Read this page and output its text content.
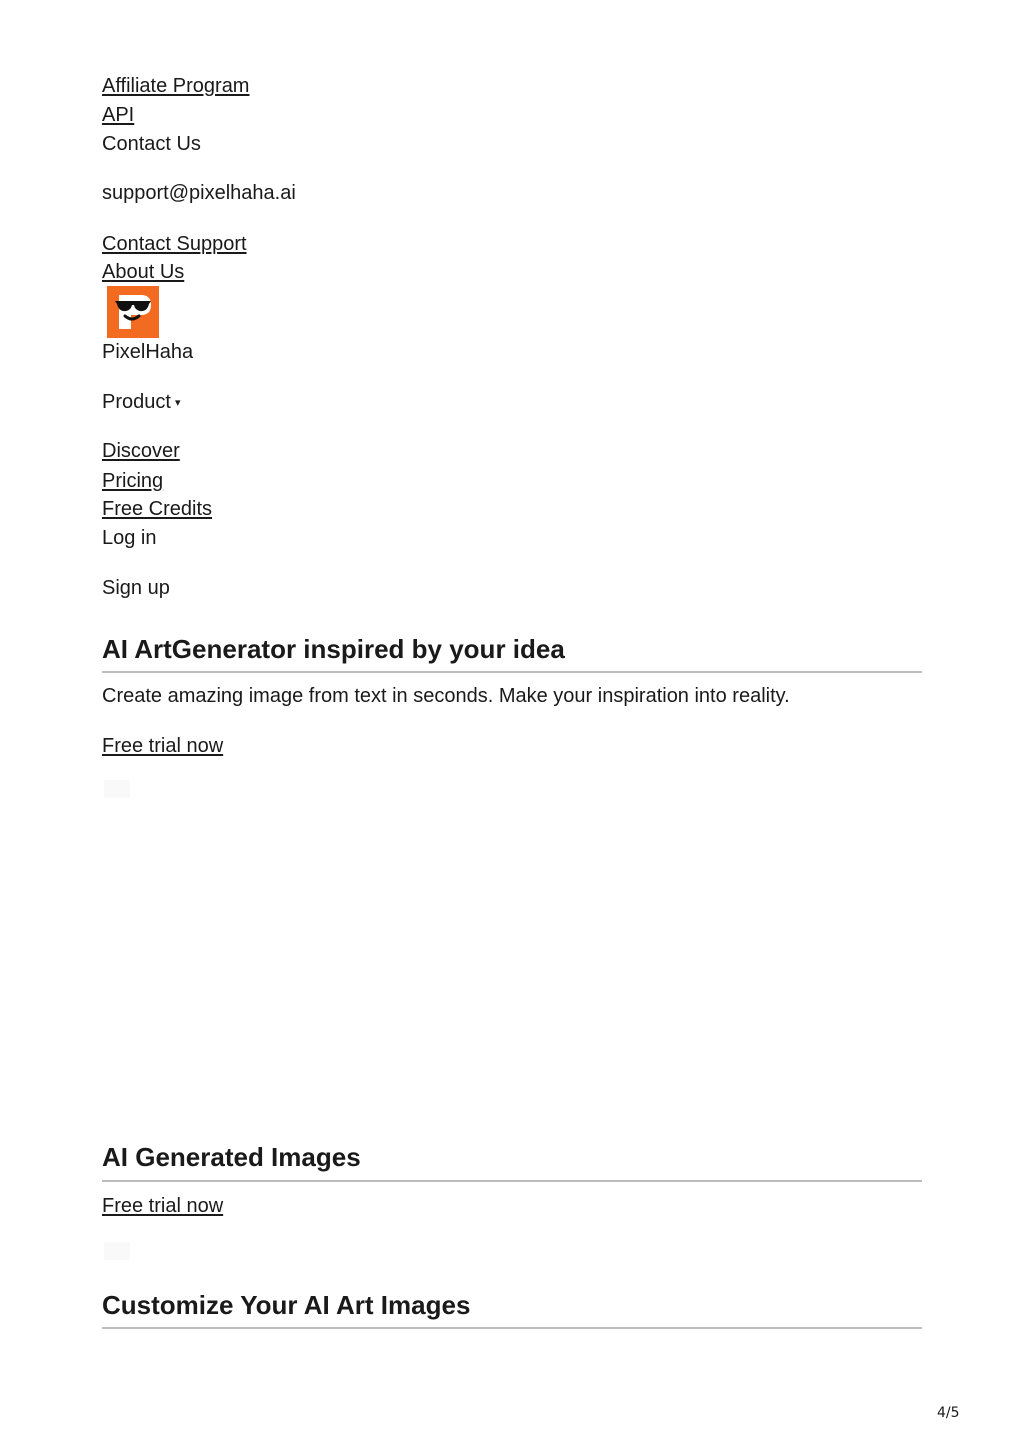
Affiliate Program
API
Contact Us
support@pixelhaha.ai
Contact Support
About Us
PixelHaha
Product ▾
Discover
Pricing
Free Credits
Log in
Sign up
AI ArtGenerator inspired by your idea
Create amazing image from text in seconds. Make your inspiration into reality.
Free trial now
AI Generated Images
Free trial now
Customize Your AI Art Images
4/5
